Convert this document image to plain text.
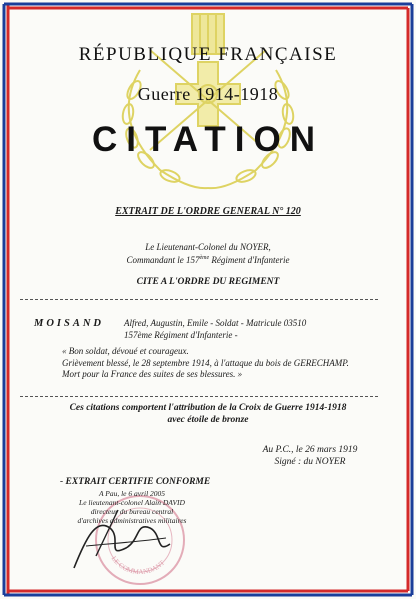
RÉPUBLIQUE FRANÇAISE
Guerre 1914-1918
CITATION
EXTRAIT DE L'ORDRE GENERAL N° 120
Le Lieutenant-Colonel du NOYER,
Commandant le 157ème Régiment d'Infanterie
CITE A L'ORDRE DU REGIMENT
MOISAND Alfred, Augustin, Emile - Soldat - Matricule 03510
157ème Régiment d'Infanterie -
« Bon soldat, dévoué et courageux.
Grièvement blessé, le 28 septembre 1914, à l'attaque du bois de GERECHAMP.
Mort pour la France des suites de ses blessures. »
Ces citations comportent l'attribution de la Croix de Guerre 1914-1918
avec étoile de bronze
Au P.C., le 26 mars 1919
Signé : du NOYER
- EXTRAIT CERTIFIE CONFORME
LE COMMANDANT
A Pau, le 6 avril 2005
Le lieutenant-colonel Alain DAVID
directeur du bureau central
d'archives administratives militaires
